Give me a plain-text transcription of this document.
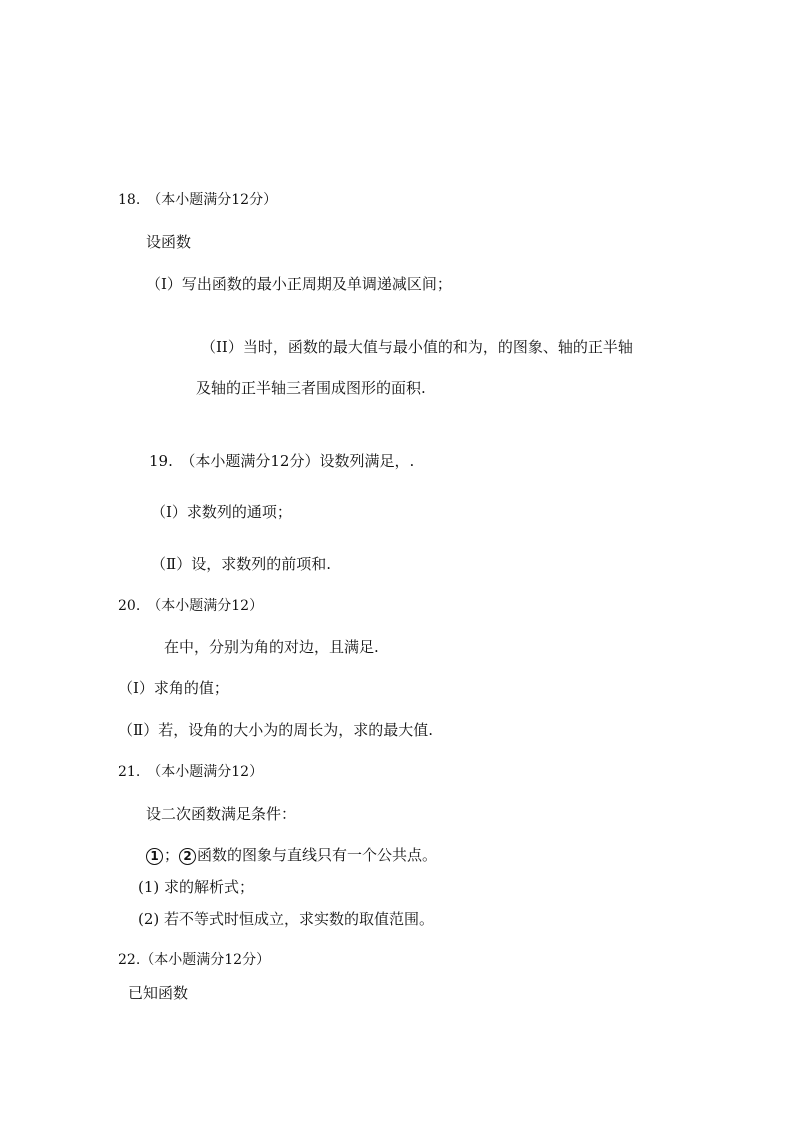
18.　（本小题满分12分）
设函数
（Ⅰ）写出函数的最小正周期及单调递减区间；
（II）当时，函数的最大值与最小值的和为，的图象、轴的正半轴
及轴的正半轴三者围成图形的面积.
19.　（本小题满分12分）设数列满足，.
（Ⅰ）求数列的通项；
（Ⅱ）设，求数列的前项和.
20.　（本小题满分12）
在中，分别为角的对边，且满足.
（Ⅰ）求角的值；
（Ⅱ）若，设角的大小为的周长为，求的最大值.
21.　（本小题满分12）
设二次函数满足条件：
1 ； 2 函数的图象与直线只有一个公共点。
(1) 求的解析式；
(2) 若不等式时恒成立，求实数的取值范围。
22.（本小题满分12分）
已知函数
